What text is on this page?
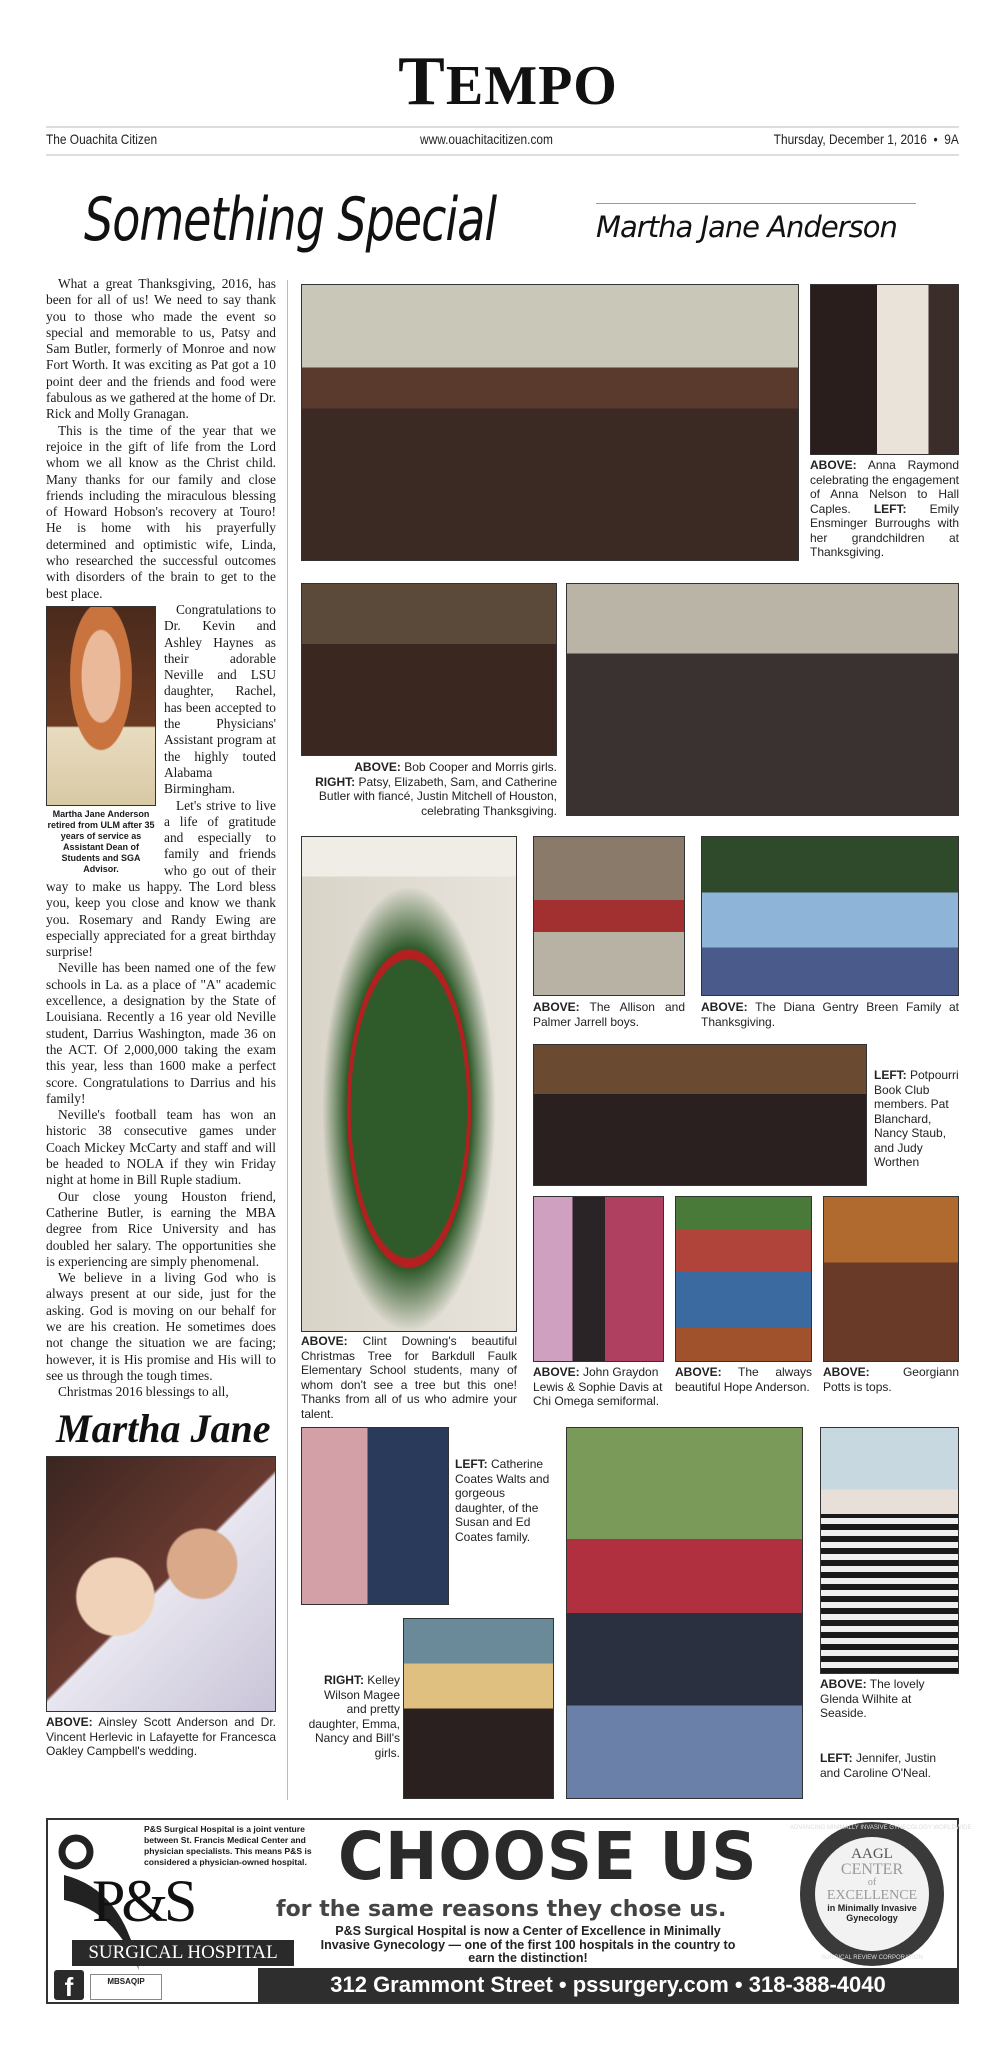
TEMPO
The Ouachita Citizen	www.ouachitacitizen.com	Thursday, December 1, 2016  •  9A
Something Special	Martha Jane Anderson

What a great Thanksgiving, 2016, has been for all of us! We need to say thank you to those who made the event so special and memorable to us, Patsy and Sam Butler, formerly of Monroe and now Fort Worth. It was exciting as Pat got a 10 point deer and the friends and food were fabulous as we gathered at the home of Dr. Rick and Molly Granagan.

This is the time of the year that we rejoice in the gift of life from the Lord whom we all know as the Christ child. Many thanks for our family and close friends including the miraculous blessing of Howard Hobson's recovery at Touro! He is home with his prayerfully determined and optimistic wife, Linda, who researched the successful outcomes with disorders of the brain to get to the best place.

Martha Jane Anderson retired from ULM after 35 years of service as Assistant Dean of Students and SGA Advisor.

Congratulations to Dr. Kevin and Ashley Haynes as their adorable Neville and LSU daughter, Rachel, has been accepted to the Physicians' Assistant program at the highly touted Alabama Birmingham.

Let's strive to live a life of gratitude and especially to family and friends who go out of their way to make us happy. The Lord bless you, keep you close and know we thank you. Rosemary and Randy Ewing are especially appreciated for a great birthday surprise!

Neville has been named one of the few schools in La. as a place of "A" academic excellence, a designation by the State of Louisiana. Recently a 16 year old Neville student, Darrius Washington, made 36 on the ACT. Of 2,000,000 taking the exam this year, less than 1600 make a perfect score. Congratulations to Darrius and his family!

Neville's football team has won an historic 38 consecutive games under Coach Mickey McCarty and staff and will be headed to NOLA if they win Friday night at home in Bill Ruple stadium.

Our close young Houston friend, Catherine Butler, is earning the MBA degree from Rice University and has doubled her salary. The opportunities she is experiencing are simply phenomenal.

We believe in a living God who is always present at our side, just for the asking. God is moving on our behalf for we are his creation. He sometimes does not change the situation we are facing; however, it is His promise and His will to see us through the tough times.

Christmas 2016 blessings to all,

Martha Jane
ABOVE: Ainsley Scott Anderson and Dr. Vincent Herlevic in Lafayette for Francesca Oakley Campbell's wedding.
ABOVE: Anna Raymond celebrating the engagement of Anna Nelson to Hall Caples. LEFT: Emily Ensminger Burroughs with her grandchildren at Thanksgiving.
ABOVE: Bob Cooper and Morris girls.
RIGHT: Patsy, Elizabeth, Sam, and Catherine Butler with fiancé, Justin Mitchell of Houston, celebrating Thanksgiving.
ABOVE: Clint Downing's beautiful Christmas Tree for Barkdull Faulk Elementary School students, many of whom don't see a tree but this one! Thanks from all of us who admire your talent.
ABOVE: The Allison and Palmer Jarrell boys.
ABOVE: The Diana Gentry Breen Family at Thanksgiving.
LEFT: Potpourri Book Club members. Pat Blanchard, Nancy Staub, and Judy Worthen
ABOVE: John Graydon Lewis & Sophie Davis at Chi Omega semiformal.
ABOVE: The always beautiful Hope Anderson.
ABOVE: Georgiann Potts is tops.
LEFT: Catherine Coates Walts and gorgeous daughter, of the Susan and Ed Coates family.
RIGHT: Kelley Wilson Magee and pretty daughter, Emma, Nancy and Bill's girls.
ABOVE: The lovely Glenda Wilhite at Seaside.
LEFT: Jennifer, Justin and Caroline O'Neal.
P&S
SURGICAL HOSPITAL
f	MBSAQIP
P&S Surgical Hospital is a joint venture between St. Francis Medical Center and physician specialists. This means P&S is considered a physician-owned hospital. CHOOSE US
for the same reasons they chose us.
P&S Surgical Hospital is now a Center of Excellence in Minimally Invasive Gynecology — one of the first 100 hospitals in the country to earn the distinction!
312 Grammont Street • pssurgery.com • 318-388-4040
ADVANCING MINIMALLY INVASIVE GYNECOLOGY WORLDWIDE
AAGL
CENTER
of
EXCELLENCE
in Minimally Invasive Gynecology
SURGICAL REVIEW CORPORATION
